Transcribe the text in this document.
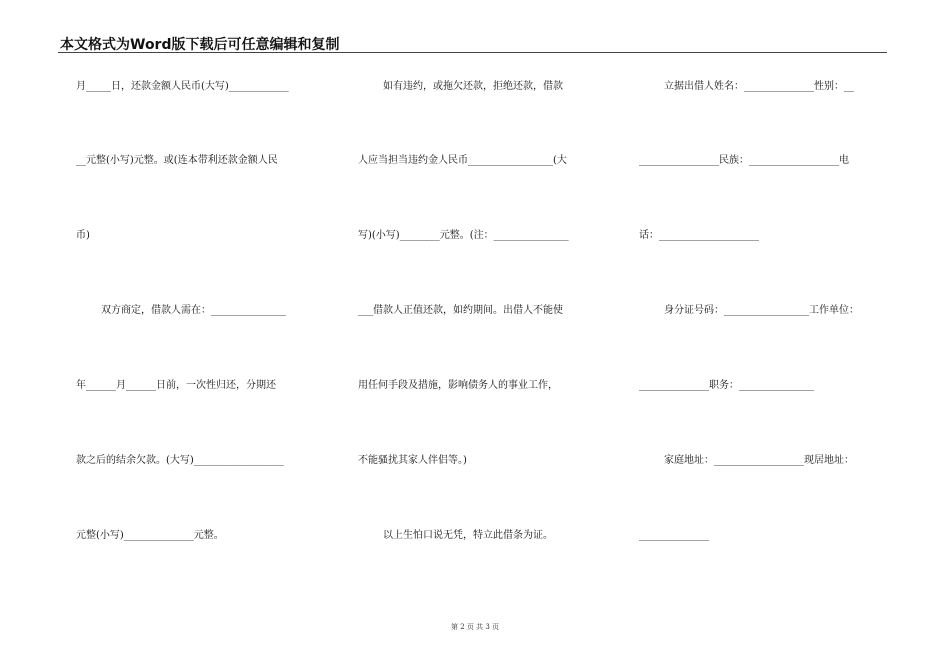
本文格式为Word版下载后可任意编辑和复制
月_____日，还款金额人民币(大写)____________
__元整(小写)元整。或(连本带利还款金额人民
币)
双方商定，借款人需在：_______________
年______月______日前，一次性归还，分期还
款之后的结余欠款。(大写)__________________
元整(小写)______________元整。
如有违约，或拖欠还款，拒绝还款，借款
人应当担当违约金人民币_________________(大
写)(小写)________元整。(注：_______________
___借款人正值还款，如约期间。出借人不能使
用任何手段及措施，影响债务人的事业工作，
不能骚扰其家人伴侣等。)
以上生怕口说无凭，特立此借条为证。
立据出借人姓名：______________性别：__
________________民族：__________________电
话：____________________
身分证号码：_________________工作单位：
______________职务：_______________
家庭地址：__________________现居地址：
______________
第 2 页 共 3 页
